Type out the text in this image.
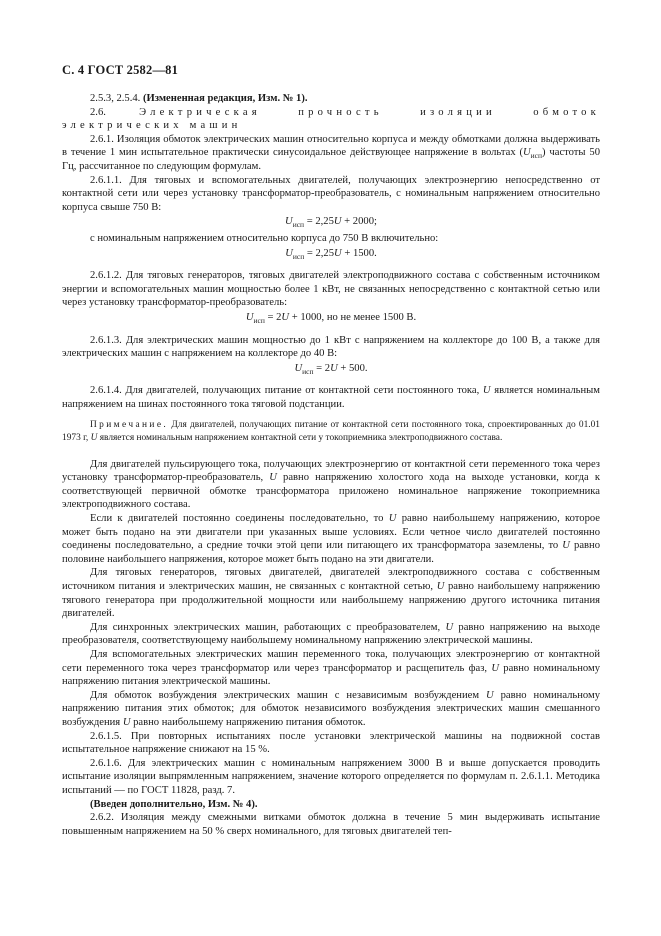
С. 4 ГОСТ 2582—81

2.5.3, 2.5.4. (Измененная редакция, Изм. № 1).

2.6. Электрическая прочность изоляции обмоток электрических машин

2.6.1. Изоляция обмоток электрических машин относительно корпуса и между обмотками должна выдерживать в течение 1 мин испытательное практически синусоидальное действующее напряжение в вольтах $(U_{исп})$ частоты 50 Гц, рассчитанное по следующим формулам.

2.6.1.1. Для тяговых и вспомогательных двигателей, получающих электроэнергию непосредственно от контактной сети или через установку трансформатор-преобразователь, с номинальным напряжением относительно корпуса свыше 750 В:

$U_{исп} = 2,25U + 2000$;

с номинальным напряжением относительно корпуса до 750 В включительно:

$U_{исп} = 2,25U + 1500$.

2.6.1.2. Для тяговых генераторов, тяговых двигателей электроподвижного состава с собственным источником энергии и вспомогательных машин мощностью более 1 кВт, не связанных непосредственно с контактной сетью или через установку трансформатор-преобразователь:

$U_{исп} = 2U + 1000$, но не менее 1500 В.

2.6.1.3. Для электрических машин мощностью до 1 кВт с напряжением на коллекторе до 100 В, а также для электрических машин с напряжением на коллекторе до 40 В:

$U_{исп} = 2U + 500$.

2.6.1.4. Для двигателей, получающих питание от контактной сети постоянного тока, U является номинальным напряжением на шинах постоянного тока тяговой подстанции.

Примечание. Для двигателей, получающих питание от контактной сети постоянного тока, спроектированных до 01.01 1973 г, U является номинальным напряжением контактной сети у токоприемника электроподвижного состава.

Для двигателей пульсирующего тока, получающих электроэнергию от контактной сети переменного тока через установку трансформатор-преобразователь, U равно напряжению холостого хода на выходе установки, когда к соответствующей первичной обмотке трансформатора приложено номинальное напряжение токоприемника электроподвижного состава.

Если к двигателей постоянно соединены последовательно, то U равно наибольшему напряжению, которое может быть подано на эти двигатели при указанных выше условиях. Если четное число двигателей постоянно соединены последовательно, а средние точки этой цепи или питающего их трансформатора заземлены, то U равно половине наибольшего напряжения, которое может быть подано на эти двигатели.

Для тяговых генераторов, тяговых двигателей, двигателей электроподвижного состава с собственным источником питания и электрических машин, не связанных с контактной сетью, U равно наибольшему напряжению тягового генератора при продолжительной мощности или наибольшему напряжению другого источника питания двигателей.

Для синхронных электрических машин, работающих с преобразователем, U равно напряжению на выходе преобразователя, соответствующему наибольшему номинальному напряжению электрической машины.

Для вспомогательных электрических машин переменного тока, получающих электроэнергию от контактной сети переменного тока через трансформатор или через трансформатор и расщепитель фаз, U равно номинальному напряжению питания электрической машины.

Для обмоток возбуждения электрических машин с независимым возбуждением U равно номинальному напряжению питания этих обмоток; для обмоток независимого возбуждения электрических машин смешанного возбуждения U равно наибольшему напряжению питания обмоток.

2.6.1.5. При повторных испытаниях после установки электрической машины на подвижной состав испытательное напряжение снижают на 15 %.

2.6.1.6. Для электрических машин с номинальным напряжением 3000 В и выше допускается проводить испытание изоляции выпрямленным напряжением, значение которого определяется по формулам п. 2.6.1.1. Методика испытаний — по ГОСТ 11828, разд. 7.

(Введен дополнительно, Изм. № 4).

2.6.2. Изоляция между смежными витками обмоток должна в течение 5 мин выдерживать испытание повышенным напряжением на 50 % сверх номинального, для тяговых двигателей теп-
